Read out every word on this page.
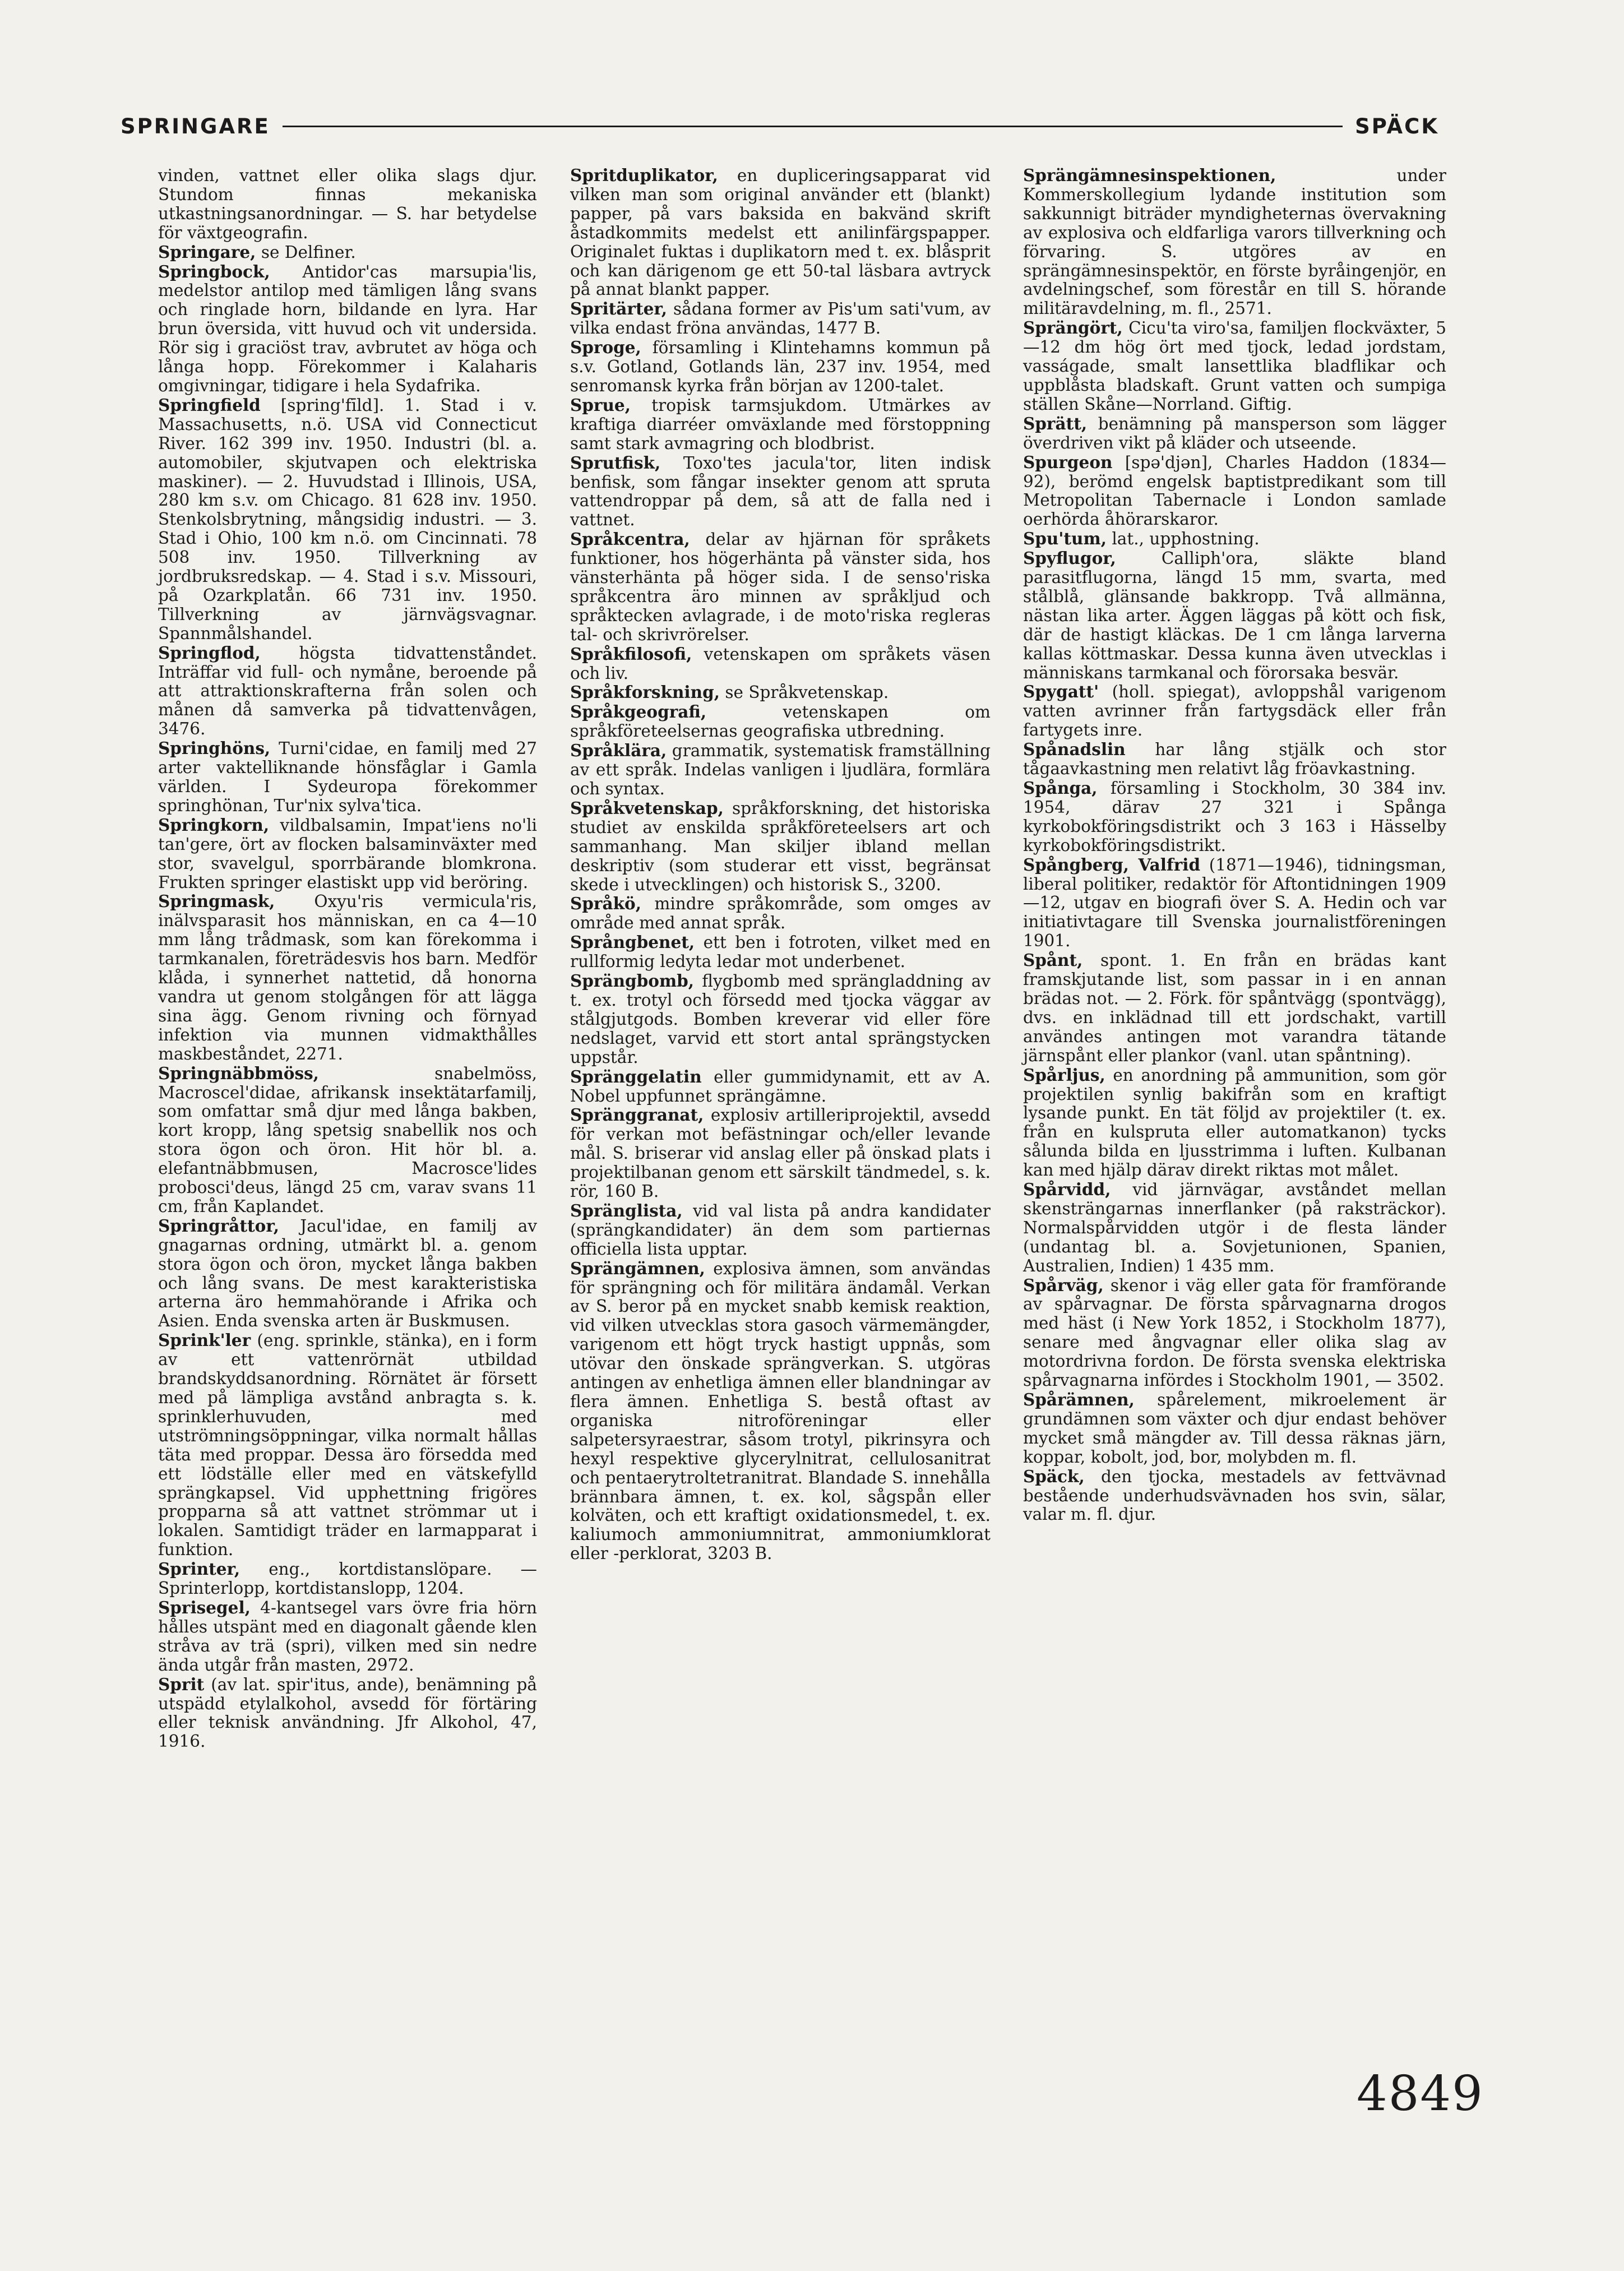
SPRINGARE	SPÄCK

vinden, vattnet eller olika slags djur. Stundom finnas mekaniska utkastningsanordningar. — S. har betydelse för växtgeografin.

Springare, se Delfiner.

Springbock, Antidor'cas marsupia'lis, medelstor antilop med tämligen lång svans och ringlade horn, bildande en lyra. Har brun översida, vitt huvud och vit undersida. Rör sig i graciöst trav, avbrutet av höga och långa hopp. Förekommer i Kalaharis omgivningar, tidigare i hela Sydafrika.

Springfield [spring'fīld]. 1. Stad i v. Massachusetts, n.ö. USA vid Connecticut River. 162 399 inv. 1950. Industri (bl. a. automobiler, skjutvapen och elektriska maskiner). — 2. Huvudstad i Illinois, USA, 280 km s.v. om Chicago. 81 628 inv. 1950. Stenkolsbrytning, mångsidig industri. — 3. Stad i Ohio, 100 km n.ö. om Cincinnati. 78 508 inv. 1950. Tillverkning av jordbruksredskap. — 4. Stad i s.v. Missouri, på Ozarkplatån. 66 731 inv. 1950. Tillverkning av järnvägsvagnar. Spannmålshandel.

Springflod, högsta tidvattenståndet. Inträffar vid full- och nymåne, beroende på att attraktionskrafterna från solen och månen då samverka på tidvattenvågen, 3476.

Springhöns, Turni'cidae, en familj med 27 arter vaktelliknande hönsfåglar i Gamla världen. I Sydeuropa förekommer springhönan, Tur'nix sylva'tica.

Springkorn, vildbalsamin, Impat'iens no'li tan'gere, ört av flocken balsaminväxter med stor, svavelgul, sporrbärande blomkrona. Frukten springer elastiskt upp vid beröring.

Springmask, Oxyu'ris vermicula'ris, inälvsparasit hos människan, en ca 4—10 mm lång trådmask, som kan förekomma i tarmkanalen, företrädesvis hos barn. Medför klåda, i synnerhet nattetid, då honorna vandra ut genom stolgången för att lägga sina ägg. Genom rivning och förnyad infektion via munnen vidmakthålles maskbeståndet, 2271.

Springnäbbmöss, snabelmöss, Macroscel'didae, afrikansk insektätarfamilj, som omfattar små djur med långa bakben, kort kropp, lång spetsig snabellik nos och stora ögon och öron. Hit hör bl. a. elefantnäbbmusen, Macrosce'lides probosci'deus, längd 25 cm, varav svans 11 cm, från Kaplandet.

Springråttor, Jacul'idae, en familj av gnagarnas ordning, utmärkt bl. a. genom stora ögon och öron, mycket långa bakben och lång svans. De mest karakteristiska arterna äro hemmahörande i Afrika och Asien. Enda svenska arten är Buskmusen.

Sprink'ler (eng. sprinkle, stänka), en i form av ett vattenrörnät utbildad brandskyddsanordning. Rörnätet är försett med på lämpliga avstånd anbragta s. k. sprinklerhuvuden, med utströmningsöppningar, vilka normalt hållas täta med proppar. Dessa äro försedda med ett lödställe eller med en vätskefylld sprängkapsel. Vid upphettning frigöres propparna så att vattnet strömmar ut i lokalen. Samtidigt träder en larmapparat i funktion.

Sprinter, eng., kortdistanslöpare. — Sprinterlopp, kortdistanslopp, 1204.

Sprisegel, 4-kantsegel vars övre fria hörn hålles utspänt med en diagonalt gående klen stråva av trä (spri), vilken med sin nedre ända utgår från masten, 2972.

Sprit (av lat. spir'itus, ande), benämning på utspädd etylalkohol, avsedd för förtäring eller teknisk användning. Jfr Alkohol, 47, 1916.

Spritduplikator, en dupliceringsapparat vid vilken man som original använder ett (blankt) papper, på vars baksida en bakvänd skrift åstadkommits medelst ett anilinfärgspapper. Originalet fuktas i duplikatorn med t. ex. blåsprit och kan därigenom ge ett 50-tal läsbara avtryck på annat blankt papper.

Spritärter, sådana former av Pis'um sati'vum, av vilka endast fröna användas, 1477 B.

Sproge, församling i Klintehamns kommun på s.v. Gotland, Gotlands län, 237 inv. 1954, med senromansk kyrka från början av 1200-talet.

Sprue, tropisk tarmsjukdom. Utmärkes av kraftiga diarréer omväxlande med förstoppning samt stark avmagring och blodbrist.

Sprutfisk, Toxo'tes jacula'tor, liten indisk benfisk, som fångar insekter genom att spruta vattendroppar på dem, så att de falla ned i vattnet.

Språkcentra, delar av hjärnan för språkets funktioner, hos högerhänta på vänster sida, hos vänsterhänta på höger sida. I de senso'riska språkcentra äro minnen av språkljud och språktecken avlagrade, i de moto'riska regleras tal- och skrivrörelser.

Språkfilosofi, vetenskapen om språkets väsen och liv.

Språkforskning, se Språkvetenskap.

Språkgeografi, vetenskapen om språkföreteelsernas geografiska utbredning.

Språklära, grammatik, systematisk framställning av ett språk. Indelas vanligen i ljudlära, formlära och syntax.

Språkvetenskap, språkforskning, det historiska studiet av enskilda språkföreteelsers art och sammanhang. Man skiljer ibland mellan deskriptiv (som studerar ett visst, begränsat skede i utvecklingen) och historisk S., 3200.

Språkö, mindre språkområde, som omges av område med annat språk.

Språngbenet, ett ben i fotroten, vilket med en rullformig ledyta ledar mot underbenet.

Sprängbomb, flygbomb med sprängladdning av t. ex. trotyl och försedd med tjocka väggar av stålgjutgods. Bomben kreverar vid eller före nedslaget, varvid ett stort antal sprängstycken uppstår.

Spränggelatin eller gummidynamit, ett av A. Nobel uppfunnet sprängämne.

Spränggranat, explosiv artilleriprojektil, avsedd för verkan mot befästningar och/eller levande mål. S. briserar vid anslag eller på önskad plats i projektilbanan genom ett särskilt tändmedel, s. k. rör, 160 B.

Spränglista, vid val lista på andra kandidater (sprängkandidater) än dem som partiernas officiella lista upptar.

Sprängämnen, explosiva ämnen, som användas för sprängning och för militära ändamål. Verkan av S. beror på en mycket snabb kemisk reaktion, vid vilken utvecklas stora gasoch värmemängder, varigenom ett högt tryck hastigt uppnås, som utövar den önskade sprängverkan. S. utgöras antingen av enhetliga ämnen eller blandningar av flera ämnen. Enhetliga S. bestå oftast av organiska nitroföreningar eller salpetersyraestrar, såsom trotyl, pikrinsyra och hexyl respektive glycerylnitrat, cellulosanitrat och pentaerytroltetranitrat. Blandade S. innehålla brännbara ämnen, t. ex. kol, sågspån eller kolväten, och ett kraftigt oxidationsmedel, t. ex. kaliumoch ammoniumnitrat, ammoniumklorat eller -perklorat, 3203 B.

Sprängämnesinspektionen, under Kommerskollegium lydande institution som sakkunnigt biträder myndigheternas övervakning av explosiva och eldfarliga varors tillverkning och förvaring. S. utgöres av en sprängämnesinspektör, en förste byråingenjör, en avdelningschef, som förestår en till S. hörande militäravdelning, m. fl., 2571.

Sprängört, Cicu'ta viro'sa, familjen flockväxter, 5—12 dm hög ört med tjock, ledad jordstam, vasságade, smalt lansettlika bladflikar och uppblåsta bladskaft. Grunt vatten och sumpiga ställen Skåne—Norrland. Giftig.

Sprätt, benämning på mansperson som lägger överdriven vikt på kläder och utseende.

Spurgeon [spə'djən], Charles Haddon (1834—92), berömd engelsk baptistpredikant som till Metropolitan Tabernacle i London samlade oerhörda åhörarskaror.

Spu'tum, lat., upphostning.

Spyflugor, Calliph'ora, släkte bland parasitflugorna, längd 15 mm, svarta, med stålblå, glänsande bakkropp. Två allmänna, nästan lika arter. Äggen läggas på kött och fisk, där de hastigt kläckas. De 1 cm långa larverna kallas köttmaskar. Dessa kunna även utvecklas i människans tarmkanal och förorsaka besvär.

Spygatt' (holl. spiegat), avloppshål varigenom vatten avrinner från fartygsdäck eller från fartygets inre.

Spånadslin har lång stjälk och stor tågaavkastning men relativt låg fröavkastning.

Spånga, församling i Stockholm, 30 384 inv. 1954, därav 27 321 i Spånga kyrkobokföringsdistrikt och 3 163 i Hässelby kyrkobokföringsdistrikt.

Spångberg, Valfrid (1871—1946), tidningsman, liberal politiker, redaktör för Aftontidningen 1909—12, utgav en biografi över S. A. Hedin och var initiativtagare till Svenska journalistföreningen 1901.

Spånt, spont. 1. En från en brädas kant framskjutande list, som passar in i en annan brädas not. — 2. Förk. för spåntvägg (spontvägg), dvs. en inklädnad till ett jordschakt, vartill användes antingen mot varandra tätande järnspånt eller plankor (vanl. utan spåntning).

Spårljus, en anordning på ammunition, som gör projektilen synlig bakifrån som en kraftigt lysande punkt. En tät följd av projektiler (t. ex. från en kulspruta eller automatkanon) tycks sålunda bilda en ljusstrimma i luften. Kulbanan kan med hjälp därav direkt riktas mot målet.

Spårvidd, vid järnvägar, avståndet mellan skensträngarnas innerflanker (på raksträckor). Normalspårvidden utgör i de flesta länder (undantag bl. a. Sovjetunionen, Spanien, Australien, Indien) 1 435 mm.

Spårväg, skenor i väg eller gata för framförande av spårvagnar. De första spårvagnarna drogos med häst (i New York 1852, i Stockholm 1877), senare med ångvagnar eller olika slag av motordrivna fordon. De första svenska elektriska spårvagnarna infördes i Stockholm 1901, — 3502.

Spårämnen, spårelement, mikroelement är grundämnen som växter och djur endast behöver mycket små mängder av. Till dessa räknas järn, koppar, kobolt, jod, bor, molybden m. fl.

Späck, den tjocka, mestadels av fettvävnad bestående underhudsvävnaden hos svin, sälar, valar m. fl. djur.

4849
